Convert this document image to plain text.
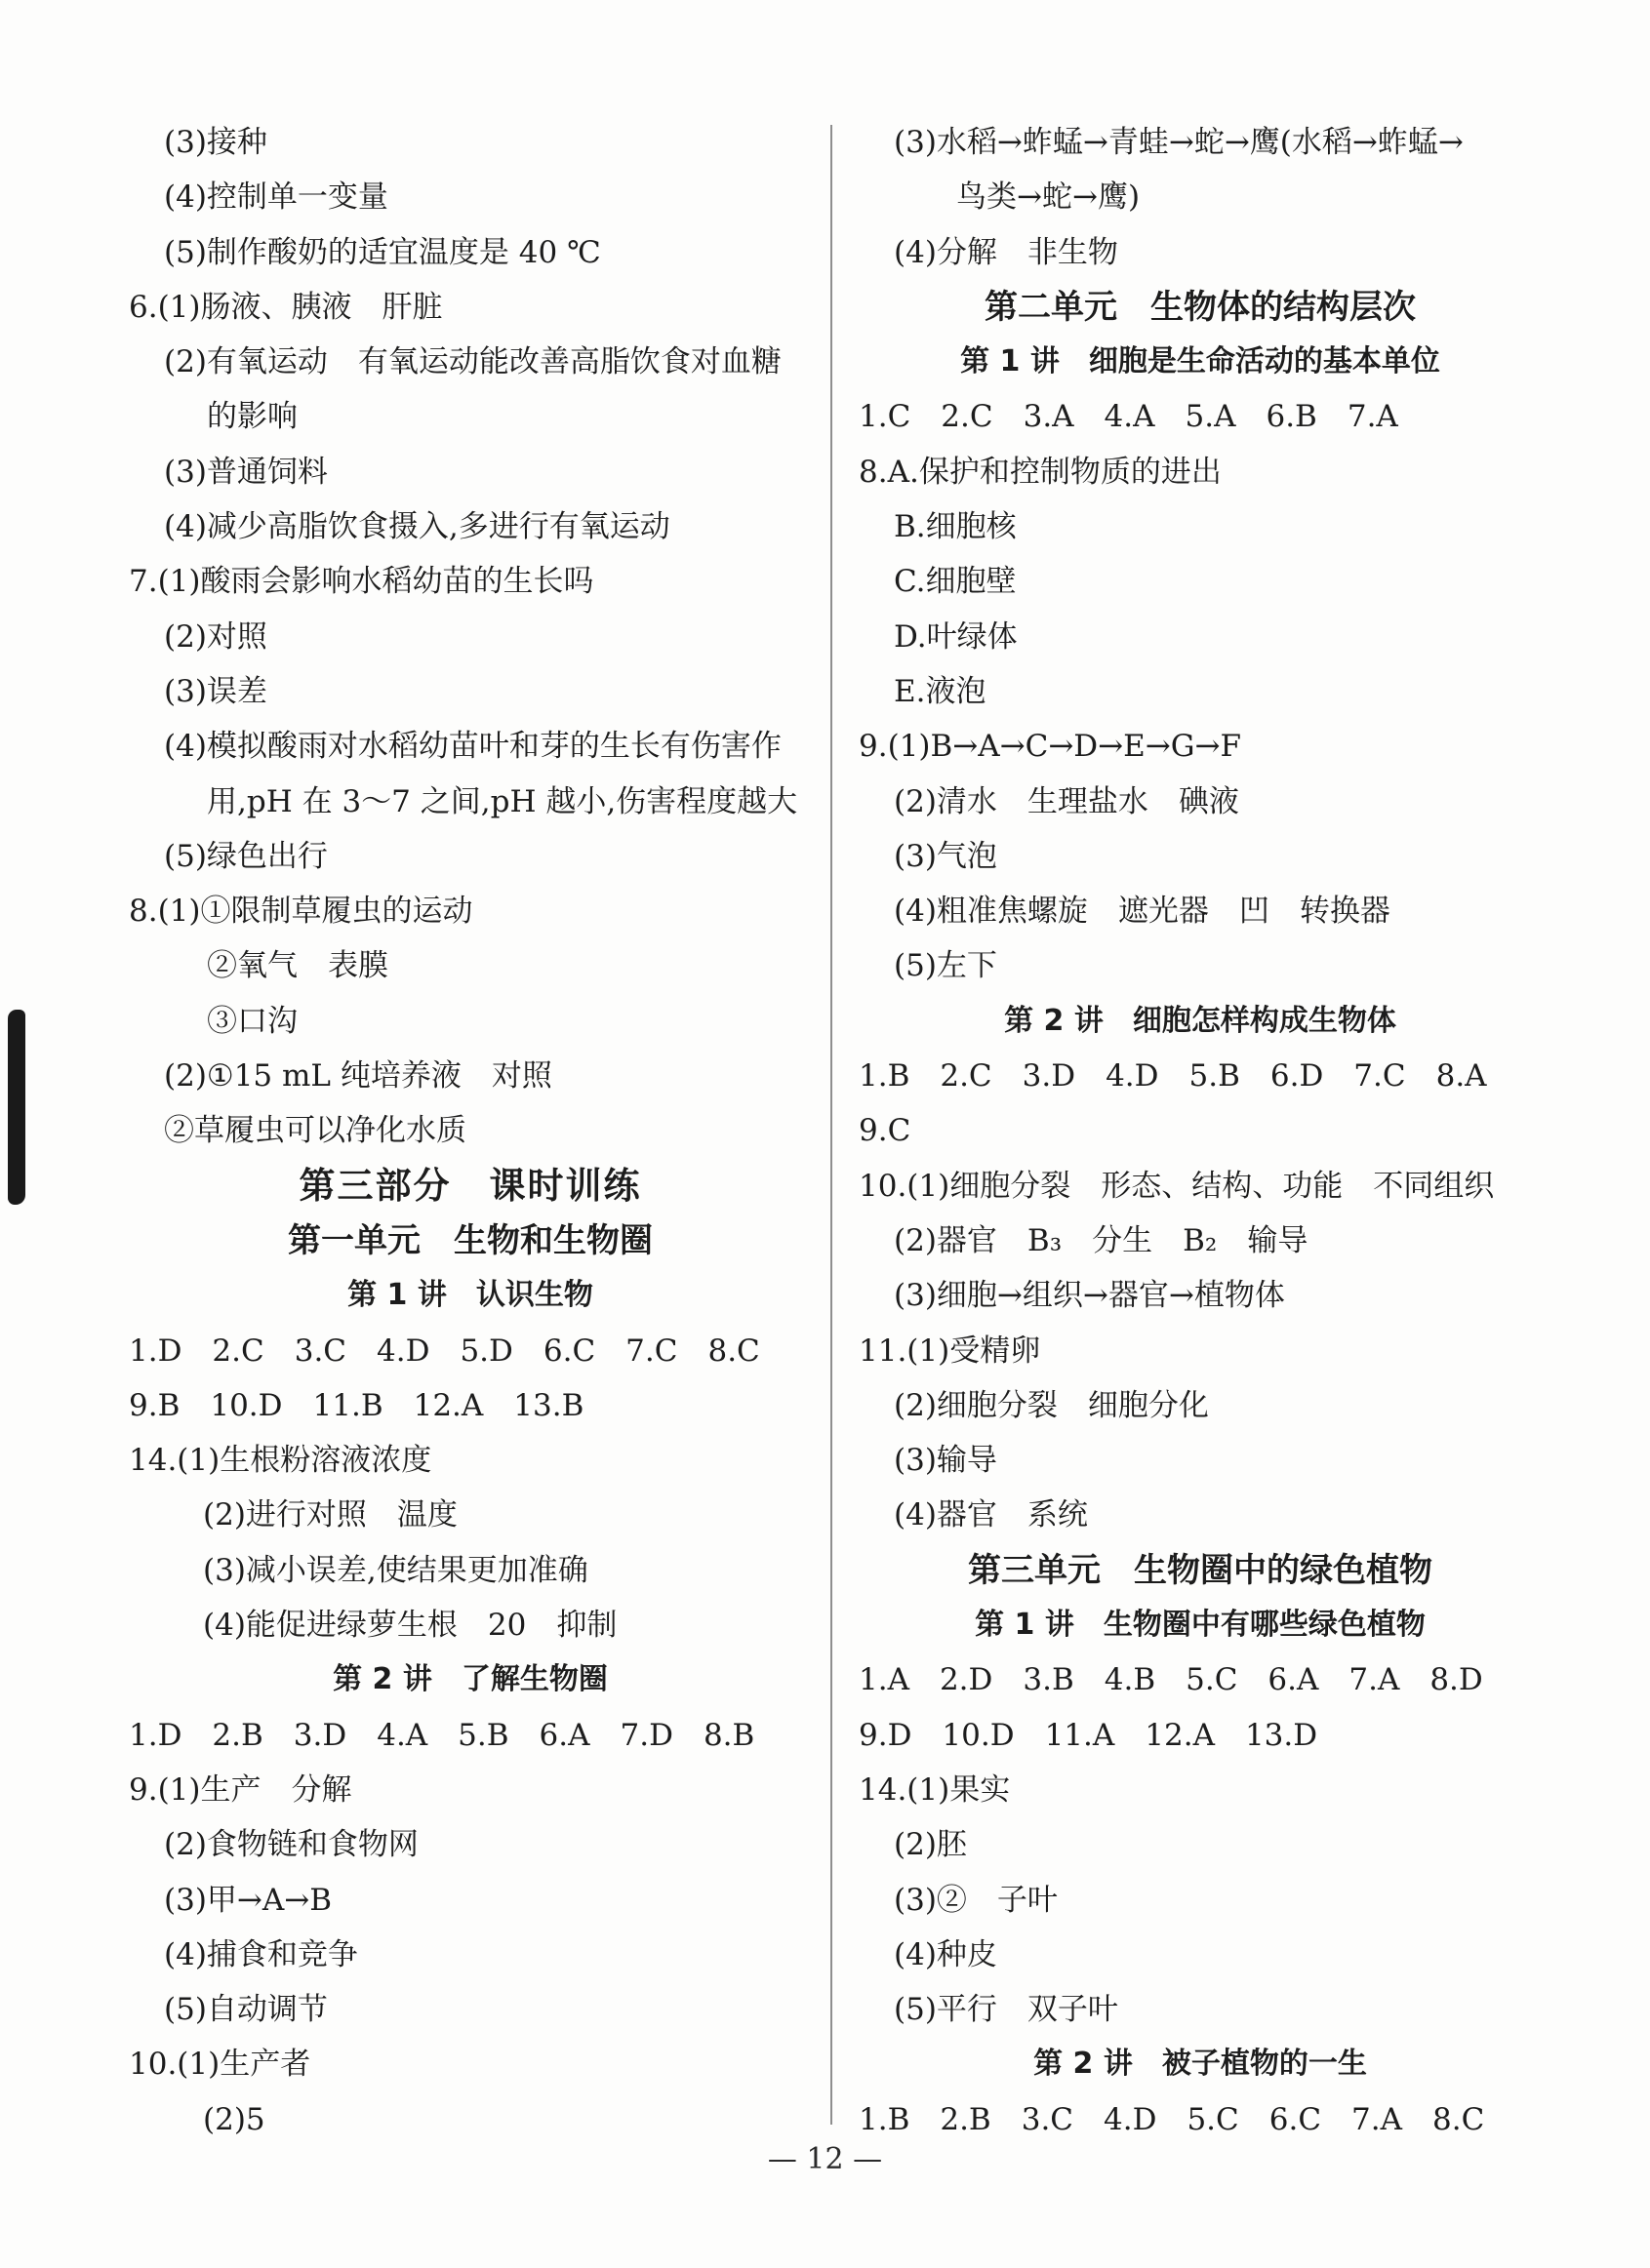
(3)接种
(4)控制单一变量
(5)制作酸奶的适宜温度是 40 ℃
6.(1)肠液、胰液　肝脏
(2)有氧运动　有氧运动能改善高脂饮食对血糖
的影响
(3)普通饲料
(4)减少高脂饮食摄入,多进行有氧运动
7.(1)酸雨会影响水稻幼苗的生长吗
(2)对照
(3)误差
(4)模拟酸雨对水稻幼苗叶和芽的生长有伤害作
用,pH 在 3～7 之间,pH 越小,伤害程度越大
(5)绿色出行
8.(1)①限制草履虫的运动
②氧气　表膜
③口沟
(2)①15 mL 纯培养液　对照
②草履虫可以净化水质
第三部分　课时训练
第一单元　生物和生物圈
第 1 讲　认识生物
1.D　2.C　3.C　4.D　5.D　6.C　7.C　8.C
9.B　10.D　11.B　12.A　13.B
14.(1)生根粉溶液浓度
(2)进行对照　温度
(3)减小误差,使结果更加准确
(4)能促进绿萝生根　20　抑制
第 2 讲　了解生物圈
1.D　2.B　3.D　4.A　5.B　6.A　7.D　8.B
9.(1)生产　分解
(2)食物链和食物网
(3)甲→A→B
(4)捕食和竞争
(5)自动调节
10.(1)生产者
(2)5
(3)水稻→蚱蜢→青蛙→蛇→鹰(水稻→蚱蜢→
鸟类→蛇→鹰)
(4)分解　非生物
第二单元　生物体的结构层次
第 1 讲　细胞是生命活动的基本单位
1.C　2.C　3.A　4.A　5.A　6.B　7.A
8.A.保护和控制物质的进出
B.细胞核
C.细胞壁
D.叶绿体
E.液泡
9.(1)B→A→C→D→E→G→F
(2)清水　生理盐水　碘液
(3)气泡
(4)粗准焦螺旋　遮光器　凹　转换器
(5)左下
第 2 讲　细胞怎样构成生物体
1.B　2.C　3.D　4.D　5.B　6.D　7.C　8.A
9.C
10.(1)细胞分裂　形态、结构、功能　不同组织
(2)器官　B₃　分生　B₂　输导
(3)细胞→组织→器官→植物体
11.(1)受精卵
(2)细胞分裂　细胞分化
(3)输导
(4)器官　系统
第三单元　生物圈中的绿色植物
第 1 讲　生物圈中有哪些绿色植物
1.A　2.D　3.B　4.B　5.C　6.A　7.A　8.D
9.D　10.D　11.A　12.A　13.D
14.(1)果实
(2)胚
(3)②　子叶
(4)种皮
(5)平行　双子叶
第 2 讲　被子植物的一生
1.B　2.B　3.C　4.D　5.C　6.C　7.A　8.C
— 12 —
